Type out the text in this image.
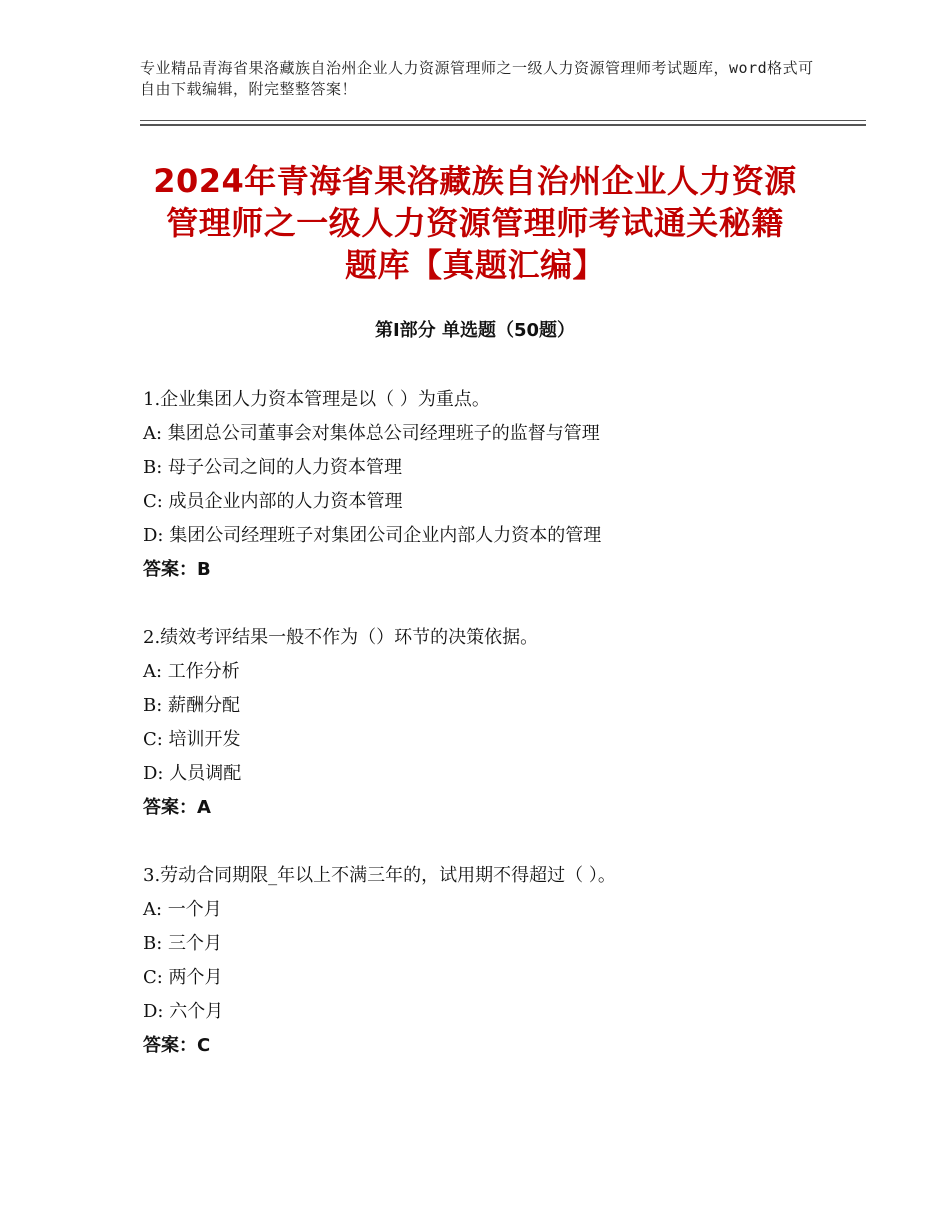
专业精品青海省果洛藏族自治州企业人力资源管理师之一级人力资源管理师考试题库，word格式可自由下载编辑，附完整整答案！
2024年青海省果洛藏族自治州企业人力资源
管理师之一级人力资源管理师考试通关秘籍
题库【真题汇编】
第Ⅰ部分 单选题（50题）
1.企业集团人力资本管理是以（ ）为重点。
A: 集团总公司董事会对集体总公司经理班子的监督与管理
B: 母子公司之间的人力资本管理
C: 成员企业内部的人力资本管理
D: 集团公司经理班子对集团公司企业内部人力资本的管理
答案：B
2.绩效考评结果一般不作为（）环节的决策依据。
A: 工作分析
B: 薪酬分配
C: 培训开发
D: 人员调配
答案：A
3.劳动合同期限_年以上不满三年的，试用期不得超过（ ）。
A: 一个月
B: 三个月
C: 两个月
D: 六个月
答案：C
